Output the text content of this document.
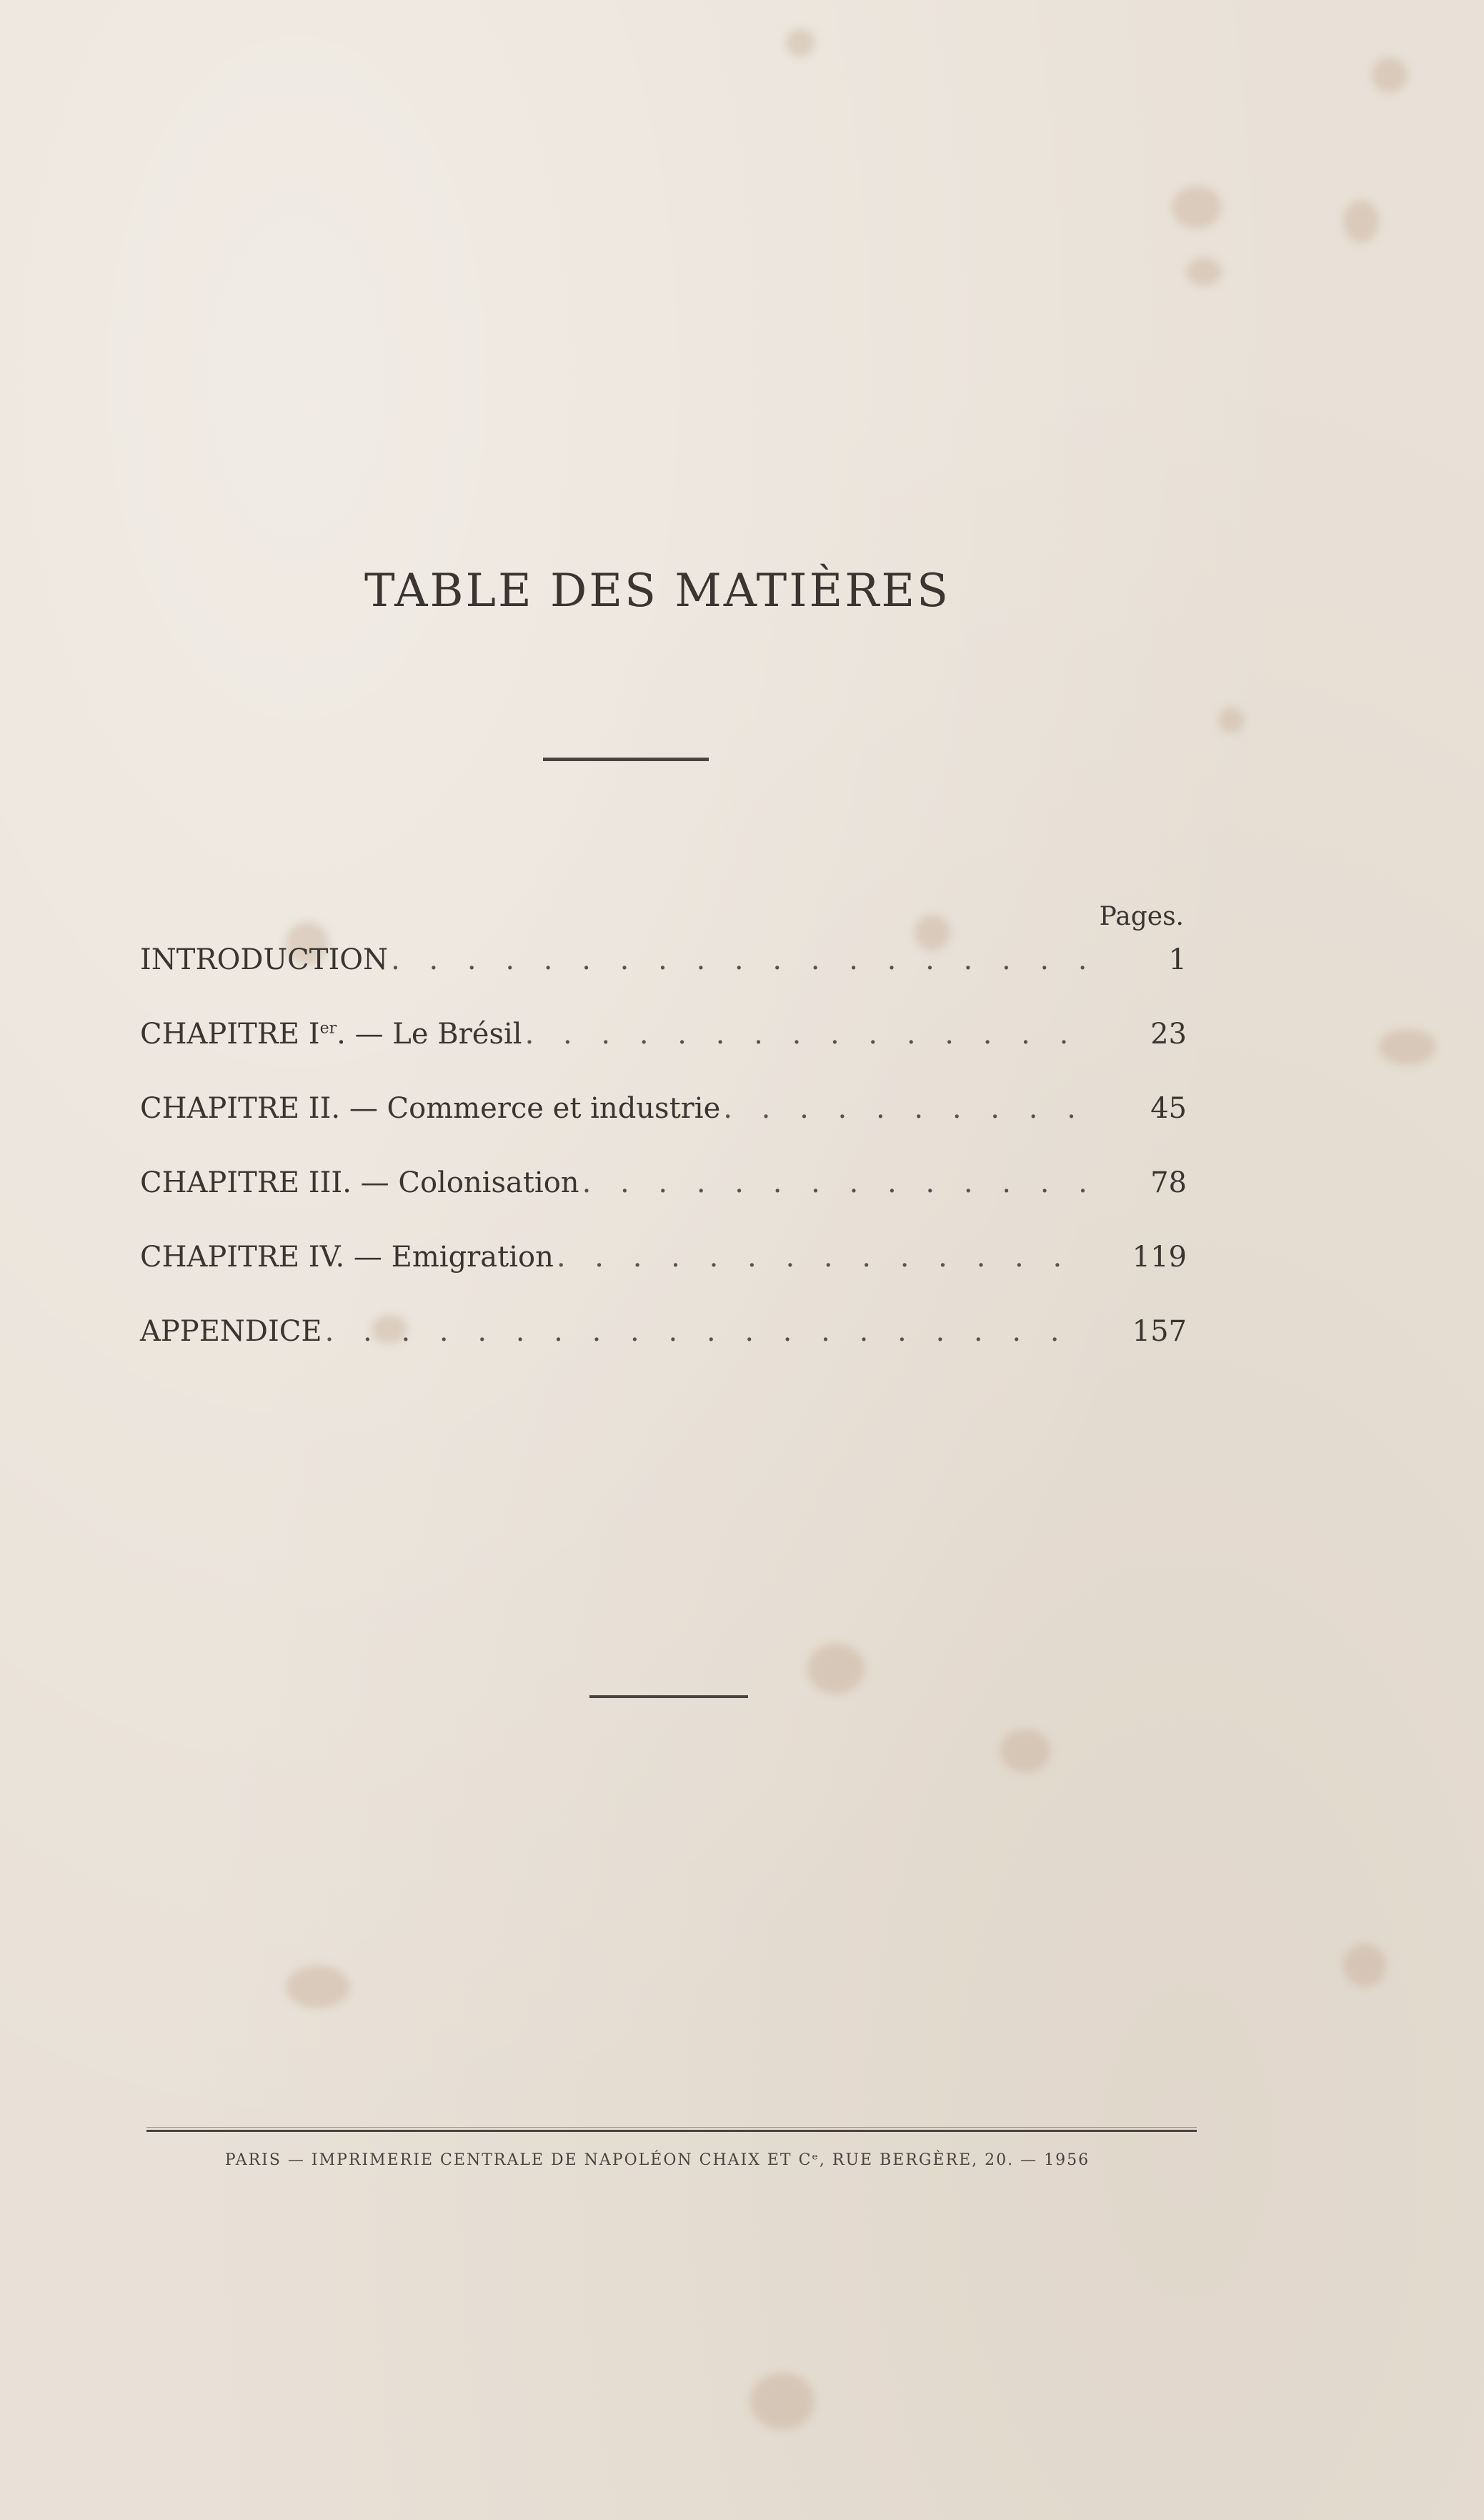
TABLE DES MATIÈRES
Pages.
INTRODUCTION . . .	1
CHAPITRE Ier. — Le Brésil . . .	23
CHAPITRE II. — Commerce et industrie . . .	45
CHAPITRE III. — Colonisation . . .	78
CHAPITRE IV. — Emigration . . .	119
APPENDICE . . .	157
PARIS — IMPRIMERIE CENTRALE DE NAPOLÉON CHAIX ET Cᵉ, RUE BERGÈRE, 20. — 1956
